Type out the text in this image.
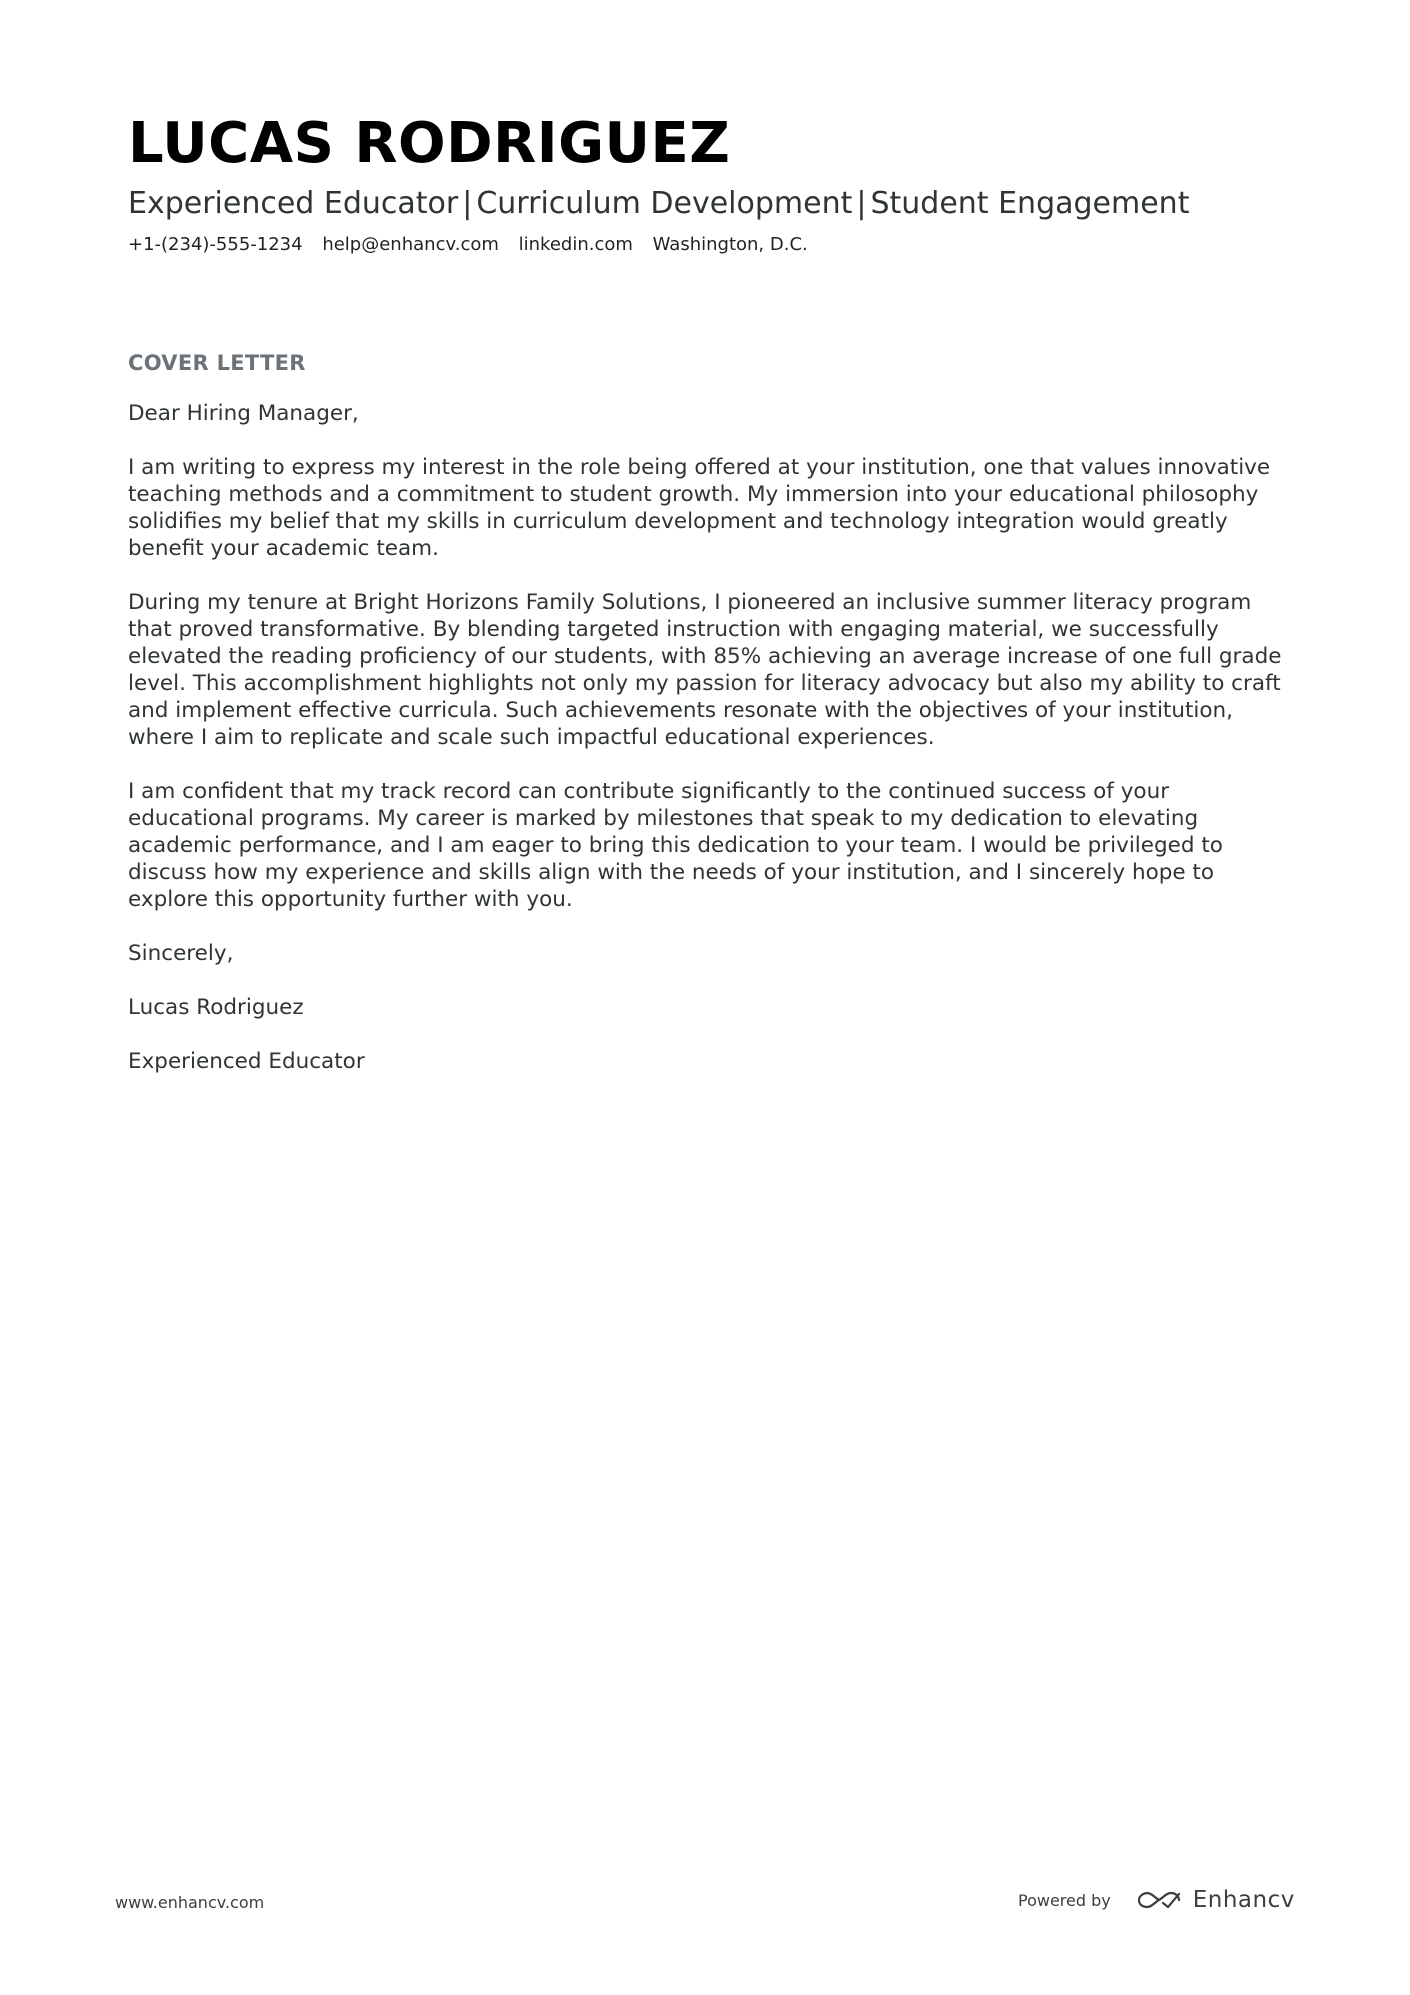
LUCAS RODRIGUEZ
Experienced Educator | Curriculum Development | Student Engagement
+1-(234)-555-1234 help@enhancv.com linkedin.com Washington, D.C.
COVER LETTER

Dear Hiring Manager,

I am writing to express my interest in the role being offered at your institution, one that values innovative teaching methods and a commitment to student growth. My immersion into your educational philosophy solidifies my belief that my skills in curriculum development and technology integration would greatly benefit your academic team.

During my tenure at Bright Horizons Family Solutions, I pioneered an inclusive summer literacy program that proved transformative. By blending targeted instruction with engaging material, we successfully elevated the reading proficiency of our students, with 85% achieving an average increase of one full grade level. This accomplishment highlights not only my passion for literacy advocacy but also my ability to craft and implement effective curricula. Such achievements resonate with the objectives of your institution, where I aim to replicate and scale such impactful educational experiences.

I am confident that my track record can contribute significantly to the continued success of your educational programs. My career is marked by milestones that speak to my dedication to elevating academic performance, and I am eager to bring this dedication to your team. I would be privileged to discuss how my experience and skills align with the needs of your institution, and I sincerely hope to explore this opportunity further with you.

Sincerely,

Lucas Rodriguez

Experienced Educator

www.enhancv.com	Powered by	Enhancv
